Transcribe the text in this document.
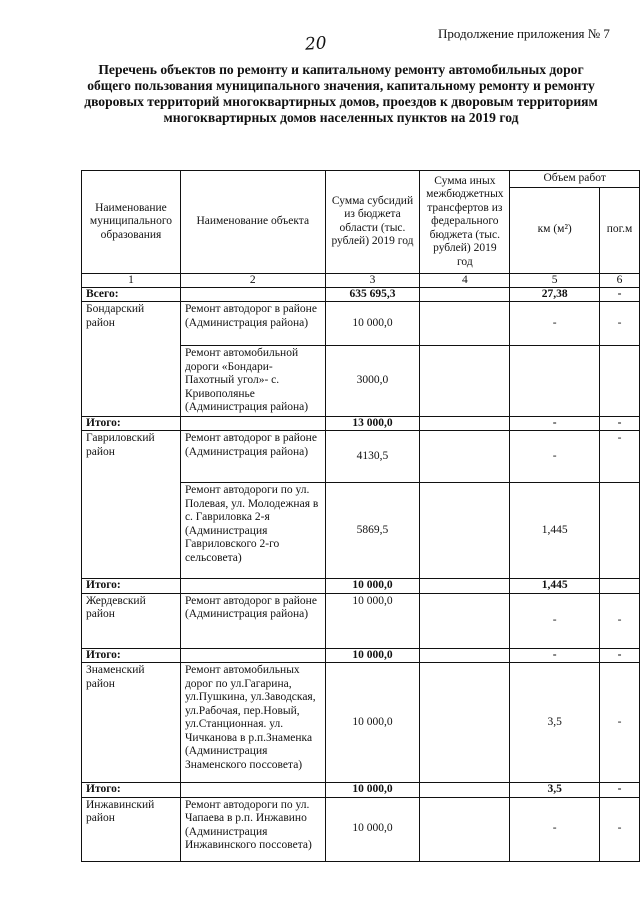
20	Продолжение приложения № 7
Перечень объектов по ремонту и капитальному ремонту автомобильных дорог общего пользования муниципального значения, капитальному ремонту и ремонту дворовых территорий многоквартирных домов, проездов к дворовым территориям многоквартирных домов населенных пунктов на 2019 год
Наименование муниципального образования	Наименование объекта	Сумма субсидий из бюджета области (тыс. рублей) 2019 год	Сумма иных межбюджетных трансфертов из федерального бюджета (тыс. рублей) 2019 год	Объем работ	
				км (м²)	пог.м
1	2	3	4	5	6
Всего:		635 695,3		27,38	-
Бондарский район	Ремонт автодорог в районе (Администрация района)	10 000,0		-	-
	Ремонт автомобильной дороги «Бондари-Пахотный угол»- с. Кривополянье (Администрация района)	3000,0			
Итого:		13 000,0		-	-
Гавриловский район	Ремонт автодорог в районе (Администрация района)	4130,5		-	-
	Ремонт автодороги по ул. Полевая, ул. Молодежная в с. Гавриловка 2-я (Администрация Гавриловского 2-го сельсовета)	5869,5		1,445	
Итого:		10 000,0		1,445	
Жердевский район	Ремонт автодорог в районе (Администрация района)	10 000,0		-	-
Итого:		10 000,0		-	-
Знаменский район	Ремонт автомобильных дорог по ул.Гагарина, ул.Пушкина, ул.Заводская, ул.Рабочая, пер.Новый, ул.Станционная. ул. Чичканова в р.п.Знаменка (Администрация Знаменского поссовета)	10 000,0		3,5	-
Итого:		10 000,0		3,5	-
Инжавинский район	Ремонт автодороги по ул. Чапаева в р.п. Инжавино (Администрация Инжавинского поссовета)	10 000,0		-	-
